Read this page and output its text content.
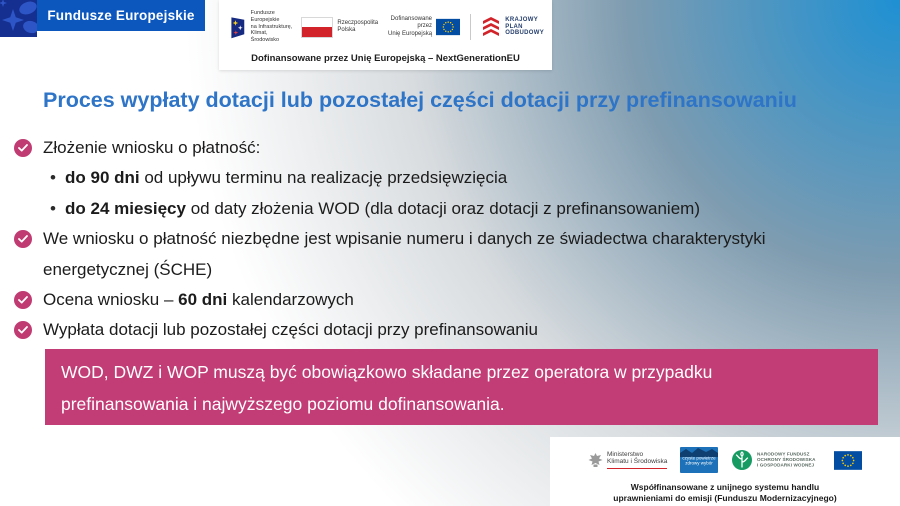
Fundusze Europejskie	Fundusze Europejskie
na Infrastrukturę,
Klimat, Środowisko
Rzeczpospolita
Polska
Dofinansowane przez
Unię Europejską
KRAJOWY
PLAN
ODBUDOWY
Dofinansowane przez Unię Europejską – NextGenerationEU
Proces wypłaty dotacji lub pozostałej części dotacji przy prefinansowaniu
Złożenie wniosku o płatność:
• do 90 dni od upływu terminu na realizację przedsięwzięcia
• do 24 miesięcy od daty złożenia WOD (dla dotacji oraz dotacji z prefinansowaniem)
We wniosku o płatność niezbędne jest wpisanie numeru i danych ze świadectwa charakterystyki energetycznej (ŚCHE)
Ocena wniosku – 60 dni kalendarzowych
Wypłata dotacji lub pozostałej części dotacji przy prefinansowaniu
WOD, DWZ i WOP muszą być obowiązkowo składane przez operatora w przypadku
prefinansowania i najwyższego poziomu dofinansowania.
Ministerstwo
Klimatu i Środowiska	czyste powietrze
zdrowy wybór
NARODOWY FUNDUSZ
OCHRONY ŚRODOWISKA
I GOSPODARKI WODNEJ
Współfinansowane z unijnego systemu handlu
uprawnieniami do emisji (Funduszu Modernizacyjnego)
